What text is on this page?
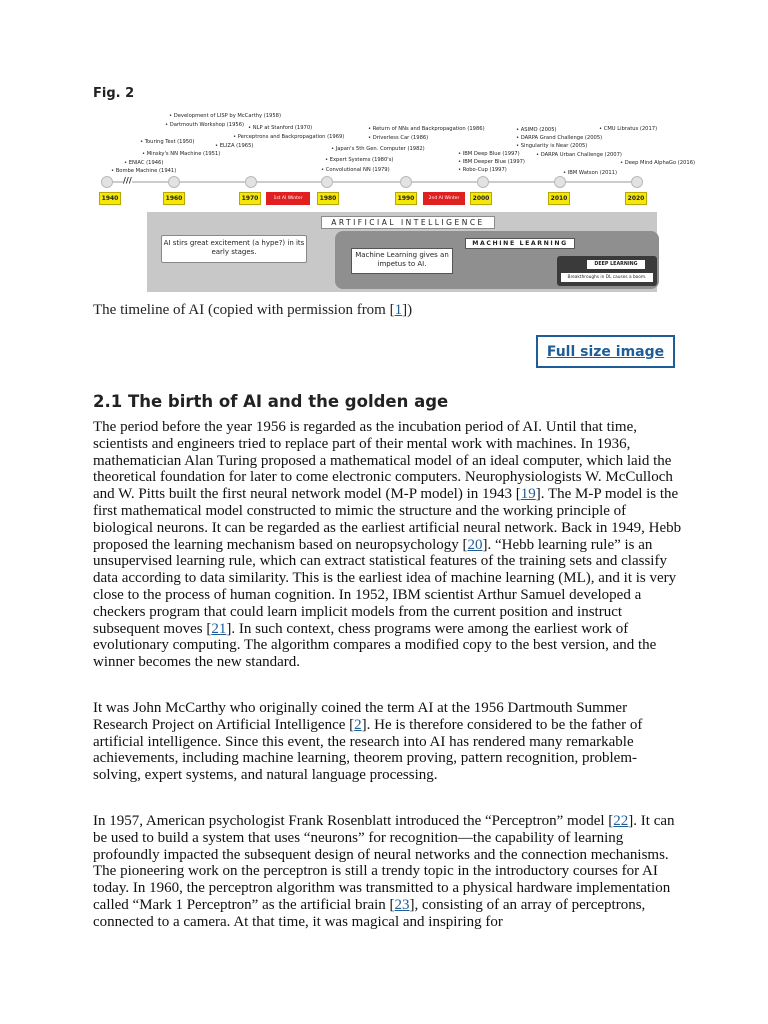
Fig. 2
• Development of LISP by McCarthy (1958)
• Dartmouth Workshop (1956)
• Touring Test (1950)
• Minsky's NN Machine (1951)
• ENIAC (1946)
• Bombe Machine (1941)
• NLP at Stanford (1970)
• Perceptrons and Backpropagation (1969)
• ELIZA (1965)
• Return of NNs and Backpropagation (1986)
• Driverless Car (1986)
• Japan's 5th Gen. Computer (1982)
• Expert Systems (1980's)
• Convolutional NN (1979)
• ASIMO (2005)
• DARPA Grand Challenge (2005)
• Singularity is Near (2005)
• IBM Deep Blue (1997)
• IBM Deeper Blue (1997)
• Robo-Cup (1997)
• DARPA Urban Challenge (2007)
• CMU Libratus (2017)
• Deep Mind AlphaGo (2016)
• IBM Watson (2011)
///
1940	1960	1970	1st AI Winter	1980	1990	2nd AI Winter	2000	2010	2020
ARTIFICIAL INTELLIGENCE
AI stirs great excitement (a hype?) in its early stages.
MACHINE LEARNING
Machine Learning gives an impetus to AI.	DEEP LEARNING
Breakthroughs in DL causes a boom.
The timeline of AI (copied with permission from [1])
Full size image
2.1 The birth of AI and the golden age

The period before the year 1956 is regarded as the incubation period of AI. Until that time, scientists and engineers tried to replace part of their mental work with machines. In 1936, mathematician Alan Turing proposed a mathematical model of an ideal computer, which laid the theoretical foundation for later to come electronic computers. Neurophysiologists W. McCulloch and W. Pitts built the first neural network model (M-P model) in 1943 [19]. The M-P model is the first mathematical model constructed to mimic the structure and the working principle of biological neurons. It can be regarded as the earliest artificial neural network. Back in 1949, Hebb proposed the learning mechanism based on neuropsychology [20]. “Hebb learning rule” is an unsupervised learning rule, which can extract statistical features of the training sets and classify data according to data similarity. This is the earliest idea of machine learning (ML), and it is very close to the process of human cognition. In 1952, IBM scientist Arthur Samuel developed a checkers program that could learn implicit models from the current position and instruct subsequent moves [21]. In such context, chess programs were among the earliest work of evolutionary computing. The algorithm compares a modified copy to the best version, and the winner becomes the new standard.

It was John McCarthy who originally coined the term AI at the 1956 Dartmouth Summer Research Project on Artificial Intelligence [2]. He is therefore considered to be the father of artificial intelligence. Since this event, the research into AI has rendered many remarkable achievements, including machine learning, theorem proving, pattern recognition, problem-solving, expert systems, and natural language processing.

In 1957, American psychologist Frank Rosenblatt introduced the “Perceptron” model [22]. It can be used to build a system that uses “neurons” for recognition—the capability of learning profoundly impacted the subsequent design of neural networks and the connection mechanisms. The pioneering work on the perceptron is still a trendy topic in the introductory courses for AI today. In 1960, the perceptron algorithm was transmitted to a physical hardware implementation called “Mark 1 Perceptron” as the artificial brain [23], consisting of an array of perceptrons, connected to a camera. At that time, it was magical and inspiring for
